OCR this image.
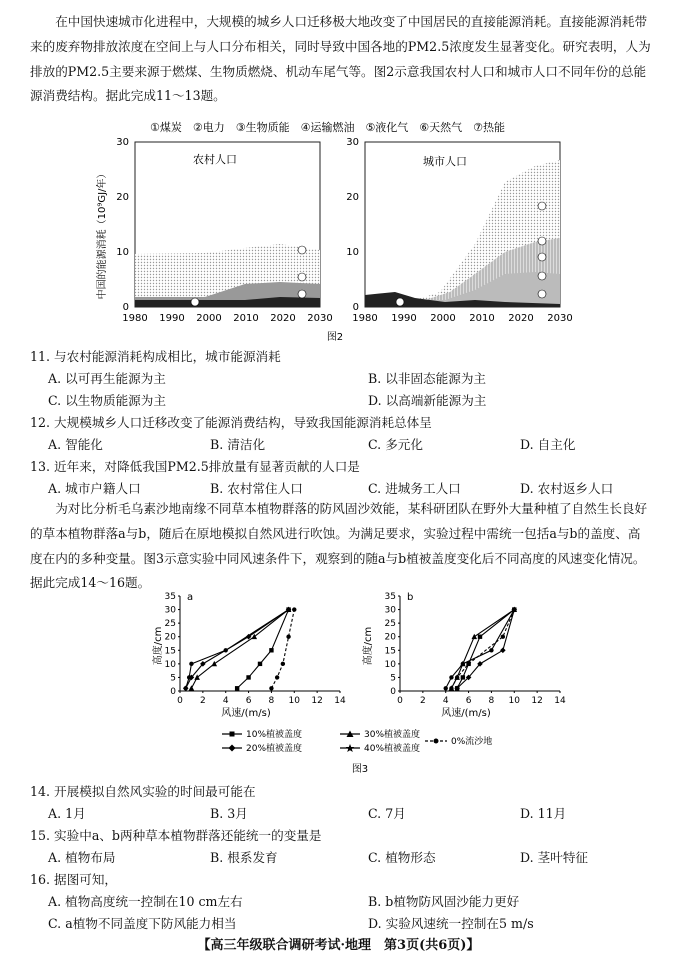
在中国快速城市化进程中，大规模的城乡人口迁移极大地改变了中国居民的直接能源消耗。直接能源消耗带来的废弃物排放浓度在空间上与人口分布相关，同时导致中国各地的PM2.5浓度发生显著变化。研究表明，人为排放的PM2.5主要来源于燃煤、生物质燃烧、机动车尾气等。图2示意我国农村人口和城市人口不同年份的总能源消费结构。据此完成11～13题。

①煤炭　②电力　③生物质能　④运输燃油　⑤液化气　⑥天然气　⑦热能
中国的能源消耗（10⁹GJ/年）
农村人口	城市人口
0
10
20
30
0
10
20
30
1980 1990 2000 2010 2020 2030 1980 1990 2000 2010 2020 2030
图2
11. 与农村能源消耗构成相比，城市能源消耗
A. 以可再生能源为主	B. 以非固态能源为主
C. 以生物质能源为主	D. 以高端新能源为主
12. 大规模城乡人口迁移改变了能源消费结构，导致我国能源消耗总体呈
A. 智能化	B. 清洁化	C. 多元化	D. 自主化
13. 近年来，对降低我国PM2.5排放量有显著贡献的人口是
A. 城市户籍人口	B. 农村常住人口	C. 进城务工人口	D. 农村返乡人口

为对比分析毛乌素沙地南缘不同草本植物群落的防风固沙效能，某科研团队在野外大量种植了自然生长良好的草本植物群落a与b，随后在原地模拟自然风进行吹蚀。为满足要求，实验过程中需统一包括a与b的盖度、高度在内的多种变量。图3示意实验中同风速条件下，观察到的随a与b植被盖度变化后不同高度的风速变化情况。据此完成14～16题。

高度/cm	高度/cm
a	b
风速/(m/s)	风速/(m/s)
10%植被盖度	30%植被盖度
20%植被盖度	40%植被盖度
0%流沙地
图3
0
5
10
15
20
25
30
35
0 2 4 6 8 10 12 14
0
5
10
15
20
25
30
35
0 2 4 6 8 10 12 14
14. 开展模拟自然风实验的时间最可能在
A. 1月	B. 3月	C. 7月	D. 11月
15. 实验中a、b两种草本植物群落还能统一的变量是
A. 植物布局	B. 根系发育	C. 植物形态	D. 茎叶特征
16. 据图可知，
A. 植物高度统一控制在10 cm左右	B. b植物防风固沙能力更好
C. a植物不同盖度下防风能力相当	D. 实验风速统一控制在5 m/s
【高三年级联合调研考试·地理　第3页(共6页)】
